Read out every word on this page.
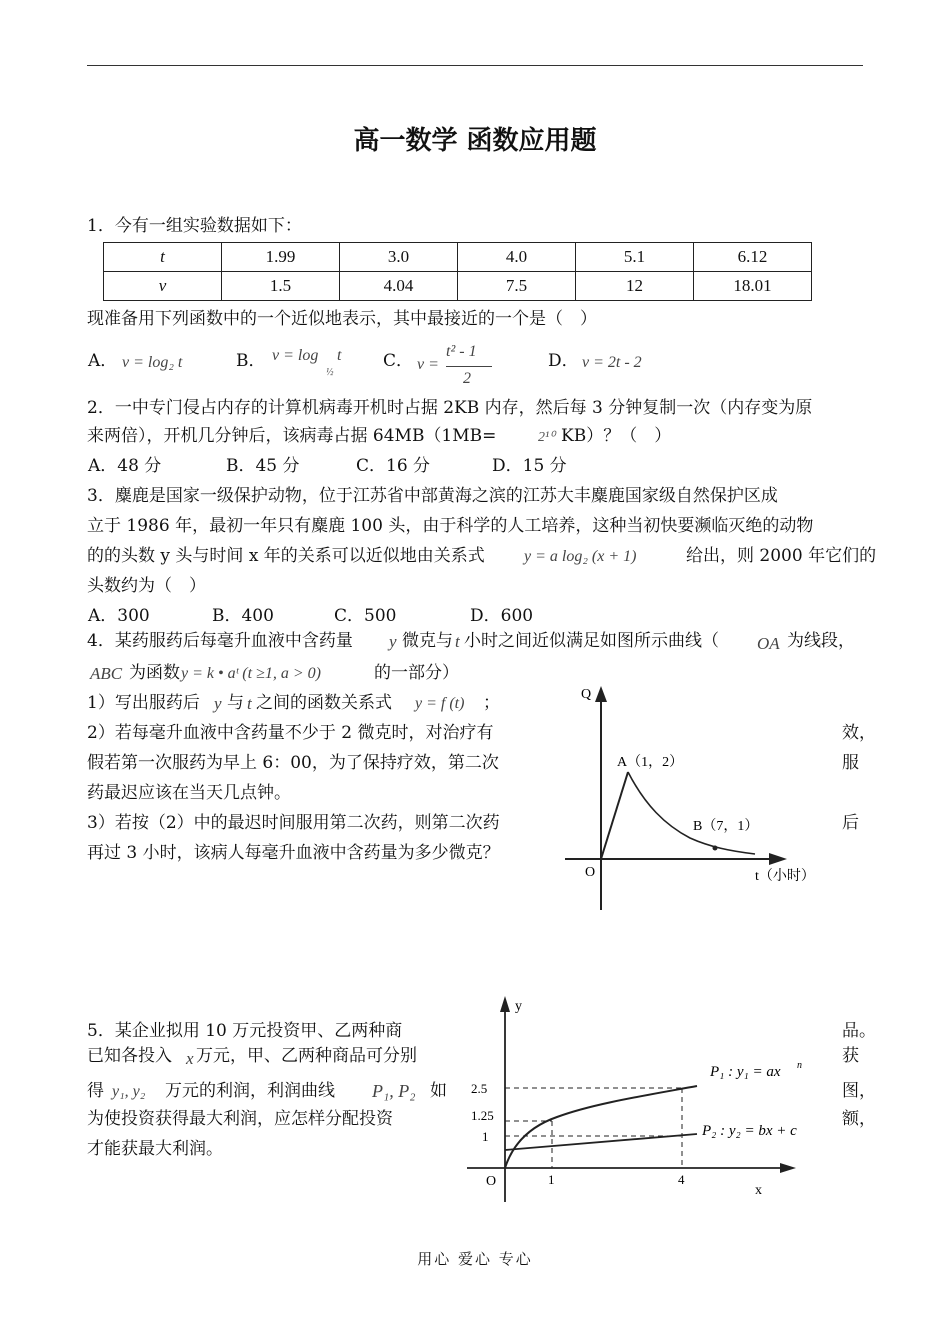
高一数学 函数应用题
1．今有一组实验数据如下：
t	1.99	3.0	4.0	5.1	6.12
v	1.5	4.04	7.5	12	18.01
现准备用下列函数中的一个近似地表示，其中最接近的一个是（　）
A． v = log₂ t	B． v = log
½
t C． v =
t² - 1
2
D． v = 2t - 2
2．一中专门侵占内存的计算机病毒开机时占据 2KB 内存，然后每 3 分钟复制一次（内存变为原
来两倍），开机几分钟后，该病毒占据 64MB（1MB=	2¹⁰ KB）？（　）
A．48 分	B．45 分	C．16 分	D．15 分
3．麋鹿是国家一级保护动物，位于江苏省中部黄海之滨的江苏大丰麋鹿国家级自然保护区成
立于 1986 年，最初一年只有麋鹿 100 头，由于科学的人工培养，这种当初快要濒临灭绝的动物
的的头数 y 头与时间 x 年的关系可以近似地由关系式 y = a log₂ (x + 1)	给出，则 2000 年它们的
头数约为（　）
A．300	B．400	C．500	D．600
4．某药服药后每毫升血液中含药量 y 微克与 t 小时之间近似满足如图所示曲线（ OA 为线段，
ABC 为函数 y = k • aᵗ (t ≥1, a > 0)	的一部分）
1）写出服药后 y 与 t 之间的函数关系式 y = f (t) ；
2）若每毫升血液中含药量不少于 2 微克时，对治疗有	效，
假若第一次服药为早上 6：00，为了保持疗效，第二次	服
药最迟应该在当天几点钟。
3）若按（2）中的最迟时间服用第二次药，则第二次药	后
再过 3 小时，该病人每毫升血液中含药量为多少微克？
Q
O	t（小时）
A（1，2）
B（7，1）
5．某企业拟用 10 万元投资甲、乙两种商	品。
已知各投入 x 万元，甲、乙两种商品可分别	获
得 y₁, y₂ 万元的利润，利润曲线 P₁, P₂ 如	图，
为使投资获得最大利润，应怎样分配投资	额，
才能获最大利润。
y
x
O
2.5
1.25
1
1	4
P₁ : y₁ = ax n
P₂ : y₂ = bx + c
用心 爱心 专心
